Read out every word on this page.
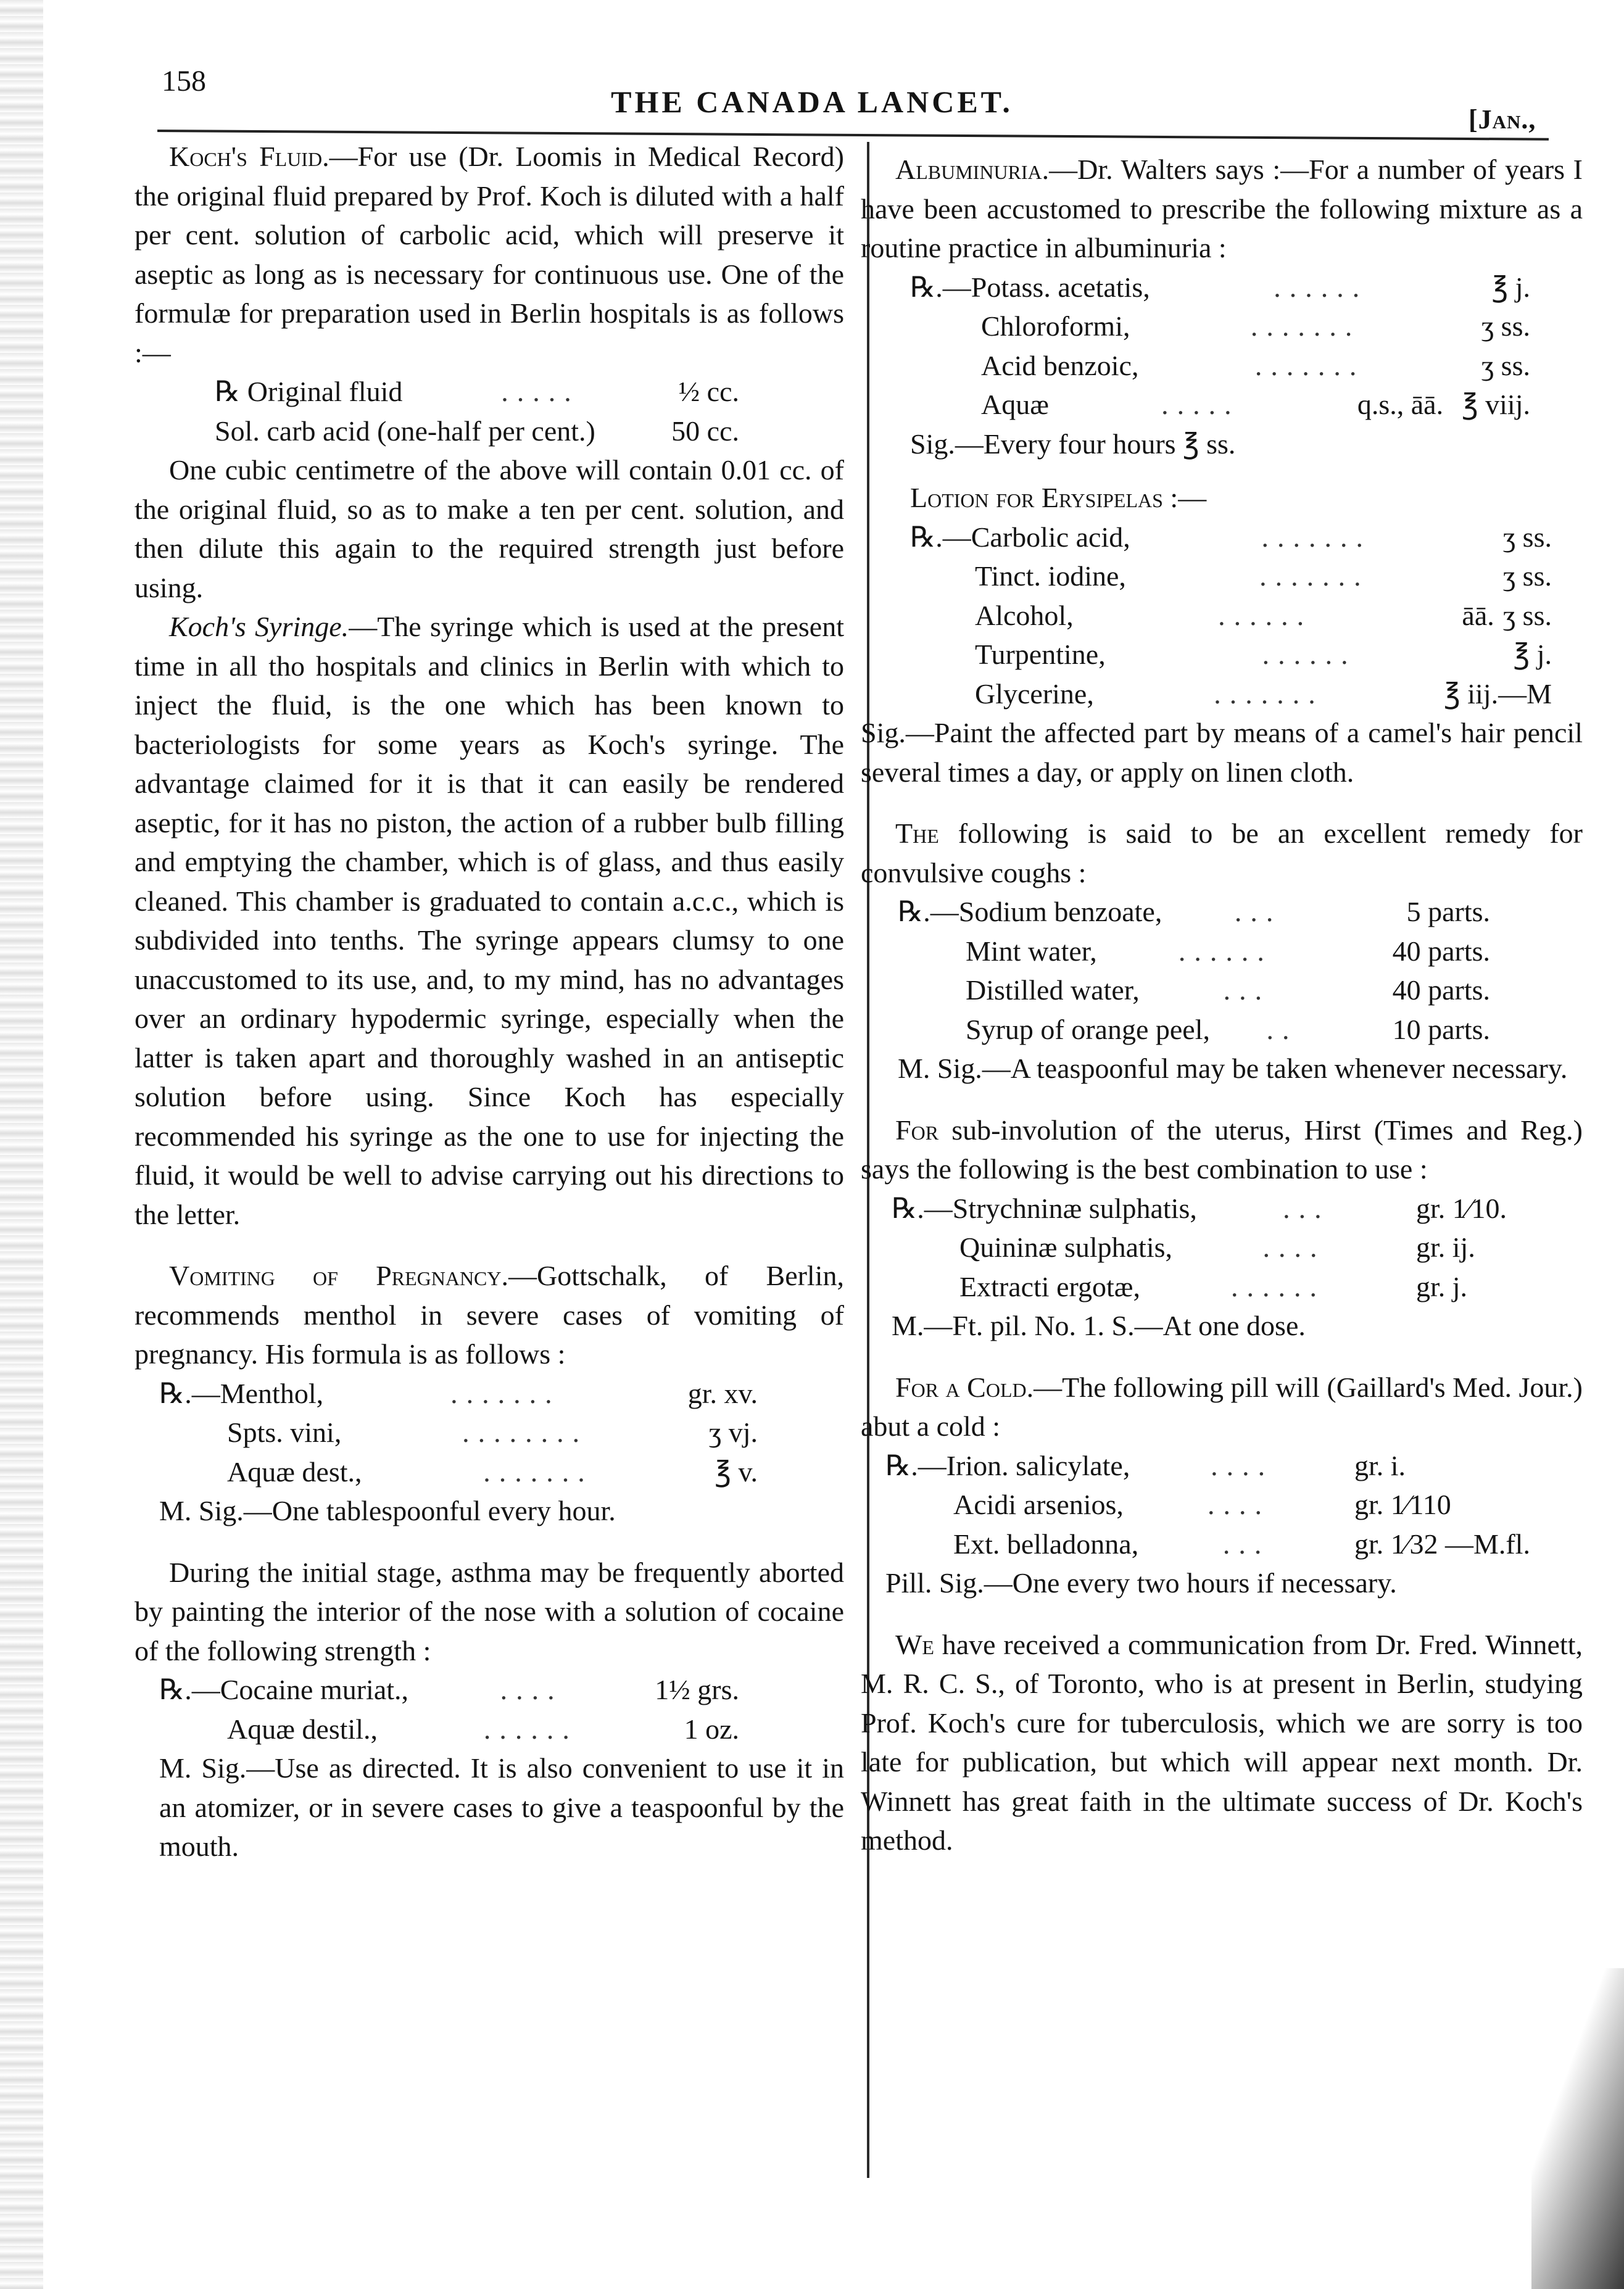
158
THE CANADA LANCET.
[Jan.,

Koch's Fluid.—For use (Dr. Loomis in Medical Record) the original fluid prepared by Prof. Koch is diluted with a half per cent. solution of carbolic acid, which will preserve it aseptic as long as is necessary for continuous use. One of the formulæ for preparation used in Berlin hospitals is as follows :—

℞ Original fluid	.....	½ cc.
Sol. carb acid (one-half per cent.)	50 cc.

One cubic centimetre of the above will contain 0.01 cc. of the original fluid, so as to make a ten per cent. solution, and then dilute this again to the required strength just before using.

Koch's Syringe.—The syringe which is used at the present time in all tho hospitals and clinics in Berlin with which to inject the fluid, is the one which has been known to bacteriologists for some years as Koch's syringe. The advantage claimed for it is that it can easily be rendered aseptic, for it has no piston, the action of a rubber bulb filling and emptying the chamber, which is of glass, and thus easily cleaned. This chamber is graduated to contain a.c.c., which is subdivided into tenths. The syringe appears clumsy to one unaccustomed to its use, and, to my mind, has no advantages over an ordinary hypodermic syringe, especially when the latter is taken apart and thoroughly washed in an antiseptic solution before using. Since Koch has especially recommended his syringe as the one to use for injecting the fluid, it would be well to advise carrying out his directions to the letter.

Vomiting of Pregnancy.—Gottschalk, of Berlin, recommends menthol in severe cases of vomiting of pregnancy. His formula is as follows :

℞.—Menthol,	.......	gr. xv.
Spts. vini,	........	ʒ vj.
Aquæ dest.,	.......	℥ v.

M. Sig.—One tablespoonful every hour.

During the initial stage, asthma may be frequently aborted by painting the interior of the nose with a solution of cocaine of the following strength :

℞.—Cocaine muriat.,	....	1½ grs.
Aquæ destil.,	......	1 oz.

M. Sig.—Use as directed. It is also convenient to use it in an atomizer, or in severe cases to give a teaspoonful by the mouth.

Albuminuria.—Dr. Walters says :—For a number of years I have been accustomed to prescribe the following mixture as a routine practice in albuminuria :

℞.—Potass. acetatis,	......	℥ j.
Chloroformi,	.......	ʒ ss.
Acid benzoic,	.......	ʒ ss.
Aquæ	.....	q.s., āā. ℥ viij.

Sig.—Every four hours ℥ ss.

Lotion for Erysipelas :—

℞.—Carbolic acid,	.......	ʒ ss.
Tinct. iodine,	.......	ʒ ss.
Alcohol,	......	āā. ʒ ss.
Turpentine,	......	℥ j.
Glycerine,	.......	℥ iij.—M

Sig.—Paint the affected part by means of a camel's hair pencil several times a day, or apply on linen cloth.

The following is said to be an excellent remedy for convulsive coughs :

℞.—Sodium benzoate,	...	5 parts.
Mint water,	......	40 parts.
Distilled water,	...	40 parts.
Syrup of orange peel,	..	10 parts.

M. Sig.—A teaspoonful may be taken whenever necessary.

For sub-involution of the uterus, Hirst (Times and Reg.) says the following is the best combination to use :

℞.—Strychninæ sulphatis,	...	gr. 1⁄10.
Quininæ sulphatis,	....	gr. ij.
Extracti ergotæ,	......	gr. j.

M.—Ft. pil. No. 1. S.—At one dose.

For a Cold.—The following pill will (Gaillard's Med. Jour.) abut a cold :

℞.—Irion. salicylate,	....	gr. i.
Acidi arsenios,	....	gr. 1⁄110
Ext. belladonna,	...	gr. 1⁄32 —M.fl.

Pill. Sig.—One every two hours if necessary.

We have received a communication from Dr. Fred. Winnett, M. R. C. S., of Toronto, who is at present in Berlin, studying Prof. Koch's cure for tuberculosis, which we are sorry is too late for publication, but which will appear next month. Dr. Winnett has great faith in the ultimate success of Dr. Koch's method.
